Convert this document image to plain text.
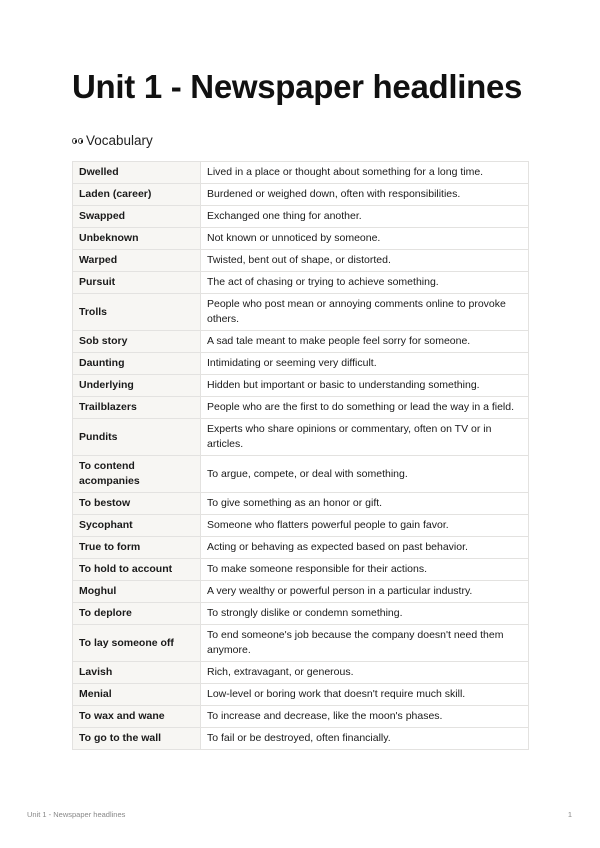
Unit 1 - Newspaper headlines
Vocabulary
Dwelled	Lived in a place or thought about something for a long time.
Laden (career)	Burdened or weighed down, often with responsibilities.
Swapped	Exchanged one thing for another.
Unbeknown	Not known or unnoticed by someone.
Warped	Twisted, bent out of shape, or distorted.
Pursuit	The act of chasing or trying to achieve something.
Trolls	People who post mean or annoying comments online to provoke others.
Sob story	A sad tale meant to make people feel sorry for someone.
Daunting	Intimidating or seeming very difficult.
Underlying	Hidden but important or basic to understanding something.
Trailblazers	People who are the first to do something or lead the way in a field.
Pundits	Experts who share opinions or commentary, often on TV or in articles.
To contend acompanies	To argue, compete, or deal with something.
To bestow	To give something as an honor or gift.
Sycophant	Someone who flatters powerful people to gain favor.
True to form	Acting or behaving as expected based on past behavior.
To hold to account	To make someone responsible for their actions.
Moghul	A very wealthy or powerful person in a particular industry.
To deplore	To strongly dislike or condemn something.
To lay someone off	To end someone's job because the company doesn't need them anymore.
Lavish	Rich, extravagant, or generous.
Menial	Low-level or boring work that doesn't require much skill.
To wax and wane	To increase and decrease, like the moon's phases.
To go to the wall	To fail or be destroyed, often financially.
Unit 1 - Newspaper headlines	1
